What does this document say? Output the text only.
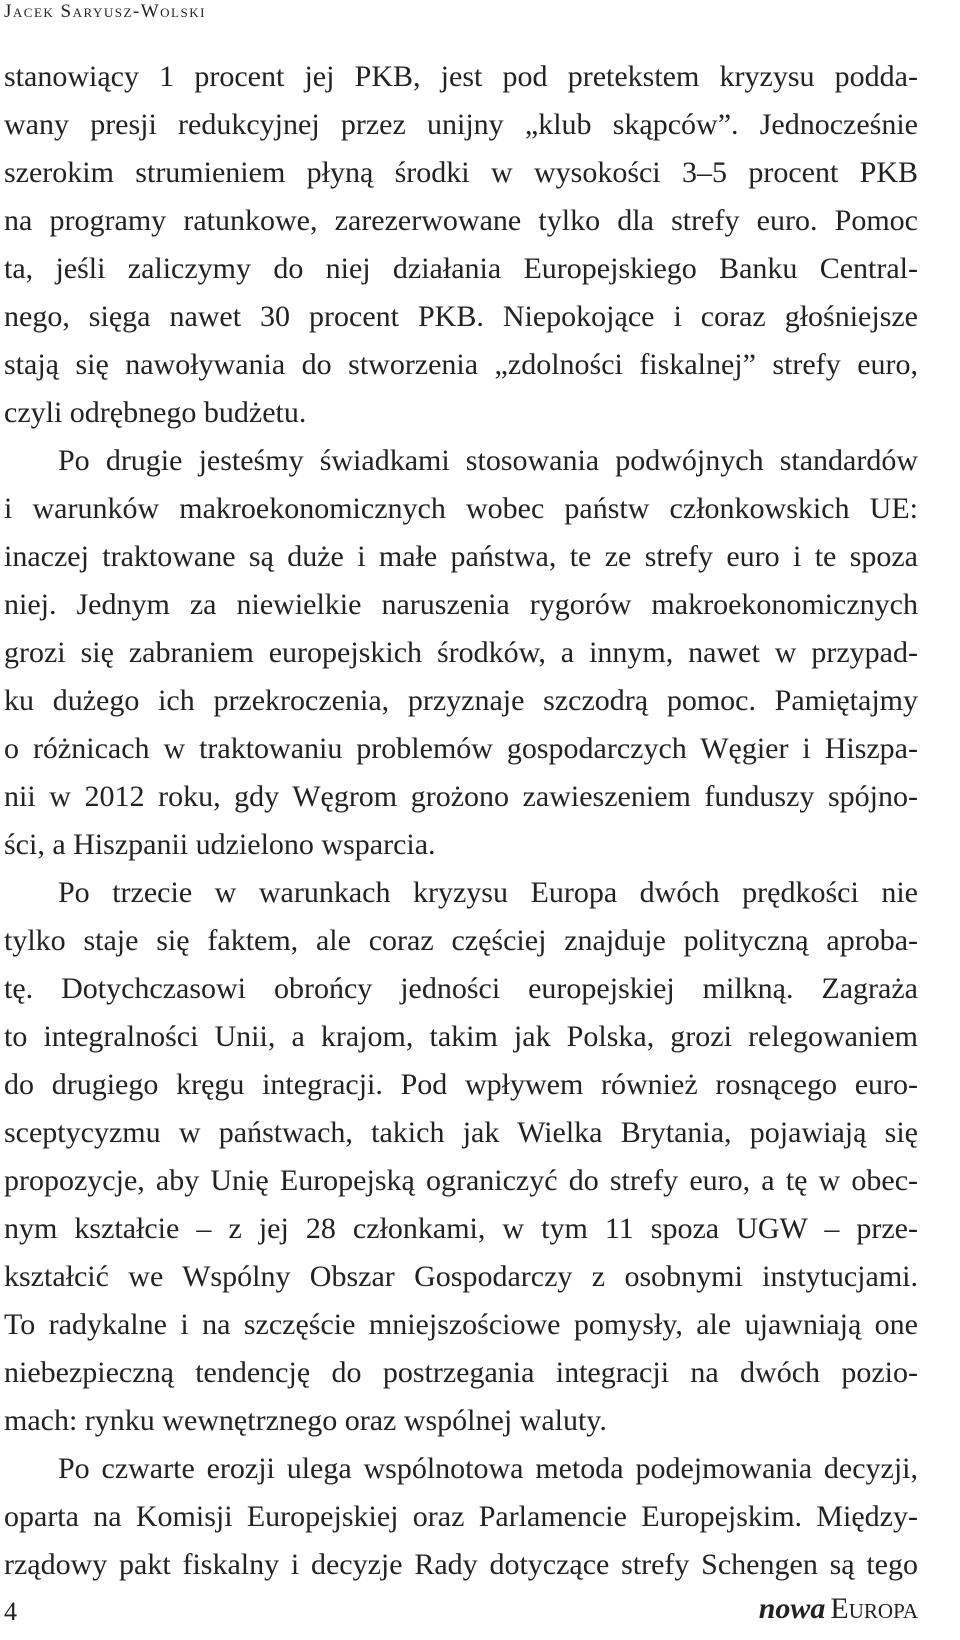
Jacek Saryusz-Wolski
stanowiący 1 procent jej PKB, jest pod pretekstem kryzysu podda-
wany presji redukcyjnej przez unijny „klub skąpców”. Jednocześnie
szerokim strumieniem płyną środki w wysokości 3–5 procent PKB
na programy ratunkowe, zarezerwowane tylko dla strefy euro. Pomoc
ta, jeśli zaliczymy do niej działania Europejskiego Banku Central-
nego, sięga nawet 30 procent PKB. Niepokojące i coraz głośniejsze
stają się nawoływania do stworzenia „zdolności fiskalnej” strefy euro,
czyli odrębnego budżetu.
Po drugie jesteśmy świadkami stosowania podwójnych standardów
i warunków makroekonomicznych wobec państw członkowskich UE:
inaczej traktowane są duże i małe państwa, te ze strefy euro i te spoza
niej. Jednym za niewielkie naruszenia rygorów makroekonomicznych
grozi się zabraniem europejskich środków, a innym, nawet w przypad-
ku dużego ich przekroczenia, przyznaje szczodrą pomoc. Pamiętajmy
o różnicach w traktowaniu problemów gospodarczych Węgier i Hiszpa-
nii w 2012 roku, gdy Węgrom grożono zawieszeniem funduszy spójno-
ści, a Hiszpanii udzielono wsparcia.
Po trzecie w warunkach kryzysu Europa dwóch prędkości nie
tylko staje się faktem, ale coraz częściej znajduje polityczną aproba-
tę. Dotychczasowi obrońcy jedności europejskiej milkną. Zagraża
to integralności Unii, a krajom, takim jak Polska, grozi relegowaniem
do drugiego kręgu integracji. Pod wpływem również rosnącego euro-
sceptycyzmu w państwach, takich jak Wielka Brytania, pojawiają się
propozycje, aby Unię Europejską ograniczyć do strefy euro, a tę w obec-
nym kształcie – z jej 28 członkami, w tym 11 spoza UGW – prze-
kształcić we Wspólny Obszar Gospodarczy z osobnymi instytucjami.
To radykalne i na szczęście mniejszościowe pomysły, ale ujawniają one
niebezpieczną tendencję do postrzegania integracji na dwóch pozio-
mach: rynku wewnętrznego oraz wspólnej waluty.
Po czwarte erozji ulega wspólnotowa metoda podejmowania decyzji,
oparta na Komisji Europejskiej oraz Parlamencie Europejskim. Między-
rządowy pakt fiskalny i decyzje Rady dotyczące strefy Schengen są tego
4	nowa Europa
